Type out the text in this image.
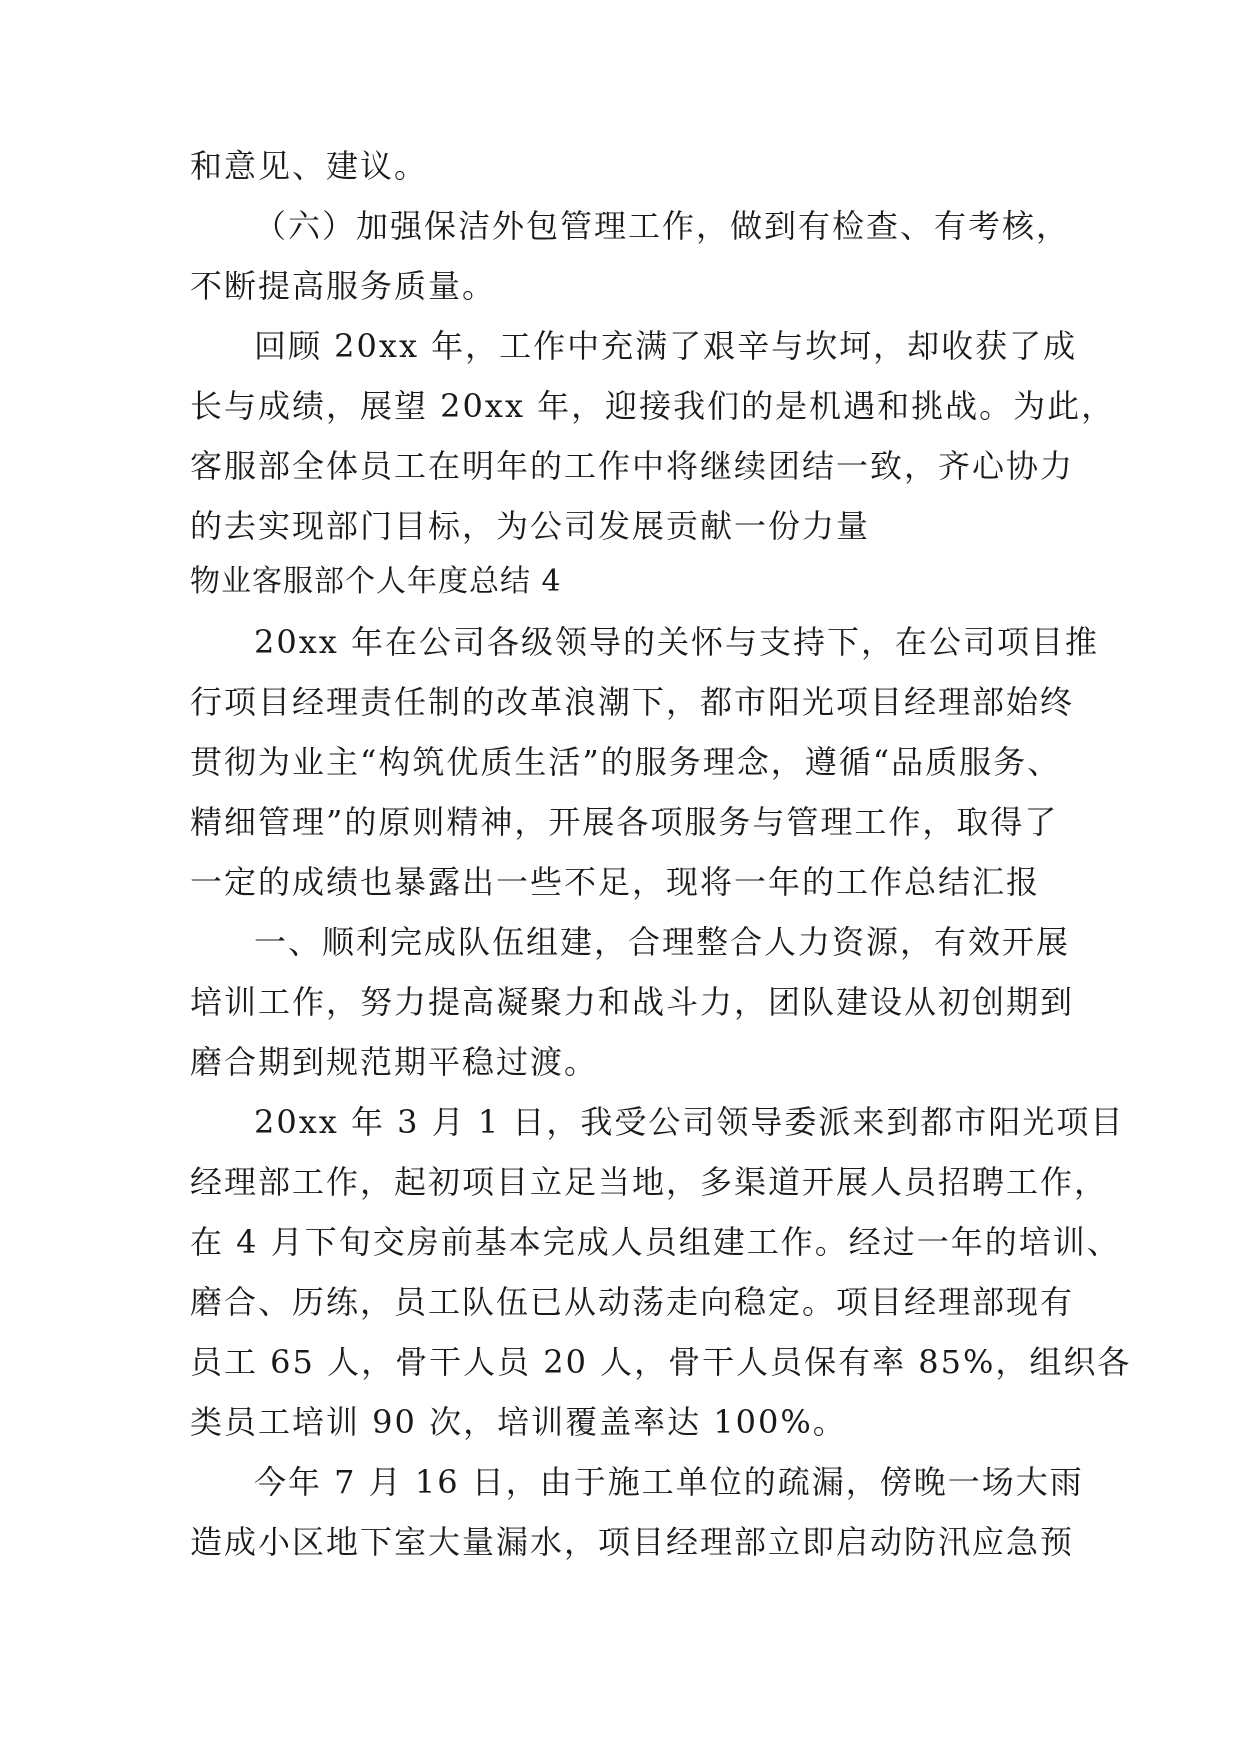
和意见、建议。
（六）加强保洁外包管理工作，做到有检查、有考核，
不断提高服务质量。
回顾 20xx 年，工作中充满了艰辛与坎坷，却收获了成
长与成绩，展望 20xx 年，迎接我们的是机遇和挑战。为此，
客服部全体员工在明年的工作中将继续团结一致，齐心协力
的去实现部门目标，为公司发展贡献一份力量
物业客服部个人年度总结 4
20xx 年在公司各级领导的关怀与支持下，在公司项目推
行项目经理责任制的改革浪潮下，都市阳光项目经理部始终
贯彻为业主“构筑优质生活”的服务理念，遵循“品质服务、
精细管理”的原则精神，开展各项服务与管理工作，取得了
一定的成绩也暴露出一些不足，现将一年的工作总结汇报
一、顺利完成队伍组建，合理整合人力资源，有效开展
培训工作，努力提高凝聚力和战斗力，团队建设从初创期到
磨合期到规范期平稳过渡。
20xx 年 3 月 1 日，我受公司领导委派来到都市阳光项目
经理部工作，起初项目立足当地，多渠道开展人员招聘工作，
在 4 月下旬交房前基本完成人员组建工作。经过一年的培训、
磨合、历练，员工队伍已从动荡走向稳定。项目经理部现有
员工 65 人，骨干人员 20 人，骨干人员保有率 85%，组织各
类员工培训 90 次，培训覆盖率达 100%。
今年 7 月 16 日，由于施工单位的疏漏，傍晚一场大雨
造成小区地下室大量漏水，项目经理部立即启动防汛应急预
